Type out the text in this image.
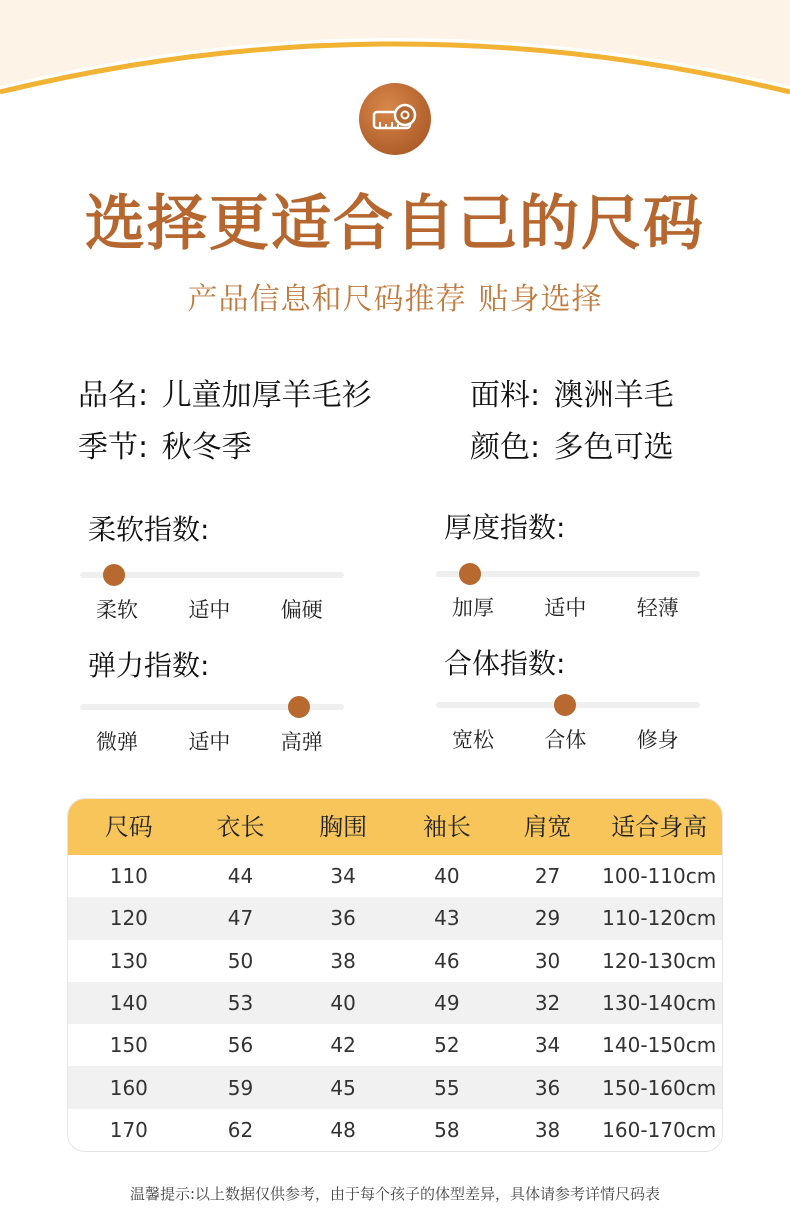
选择更适合自己的尺码
产品信息和尺码推荐 贴身选择
品名: 儿童加厚羊毛衫	面料: 澳洲羊毛
季节: 秋冬季	颜色: 多色可选
柔软指数:
柔软 适中 偏硬
厚度指数:
加厚 适中 轻薄
弹力指数:
微弹 适中 高弹
合体指数:
宽松 合体 修身
尺码	衣长	胸围	袖长	肩宽	适合身高
110	44	34	40	27	100-110cm
120	47	36	43	29	110-120cm
130	50	38	46	30	120-130cm
140	53	40	49	32	130-140cm
150	56	42	52	34	140-150cm
160	59	45	55	36	150-160cm
170	62	48	58	38	160-170cm
温馨提示:以上数据仅供参考，由于每个孩子的体型差异，具体请参考详情尺码表
